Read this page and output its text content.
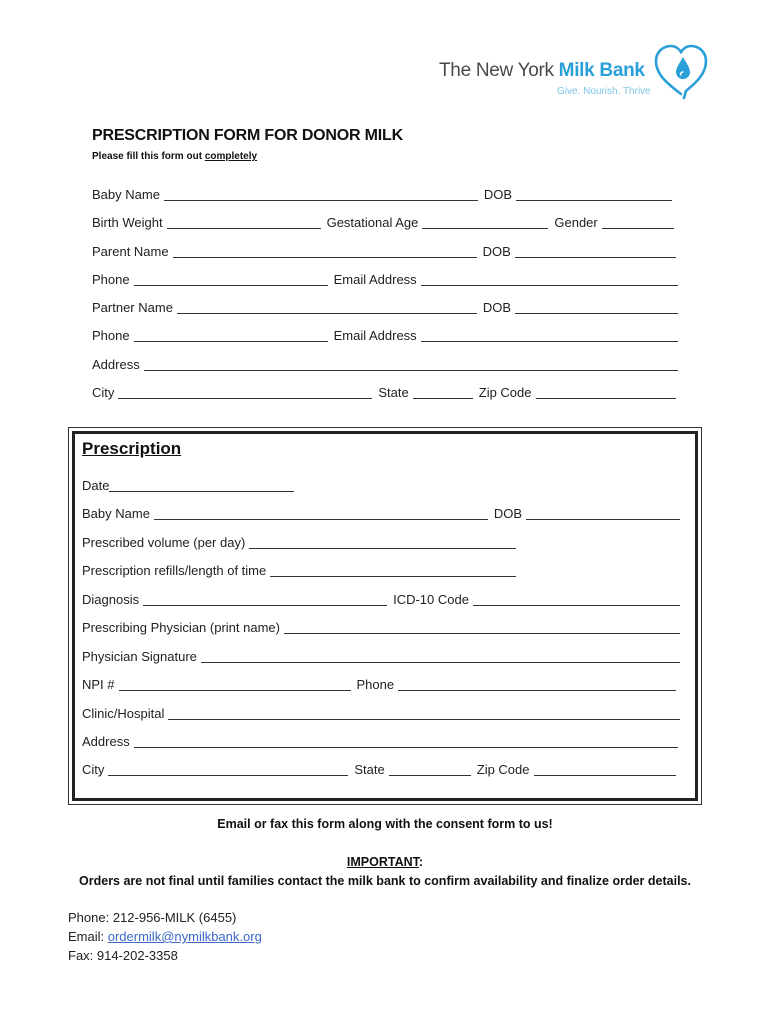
The New York Milk Bank
Give. Nourish. Thrive
PRESCRIPTION FORM FOR DONOR MILK
Please fill this form out completely
Baby Name	DOB
Birth Weight	Gestational Age	Gender
Parent Name	DOB
Phone	Email Address
Partner Name	DOB
Phone	Email Address
Address
City	State	Zip Code
Prescription
Date
Baby Name	DOB
Prescribed volume (per day)
Prescription refills/length of time
Diagnosis	ICD-10 Code
Prescribing Physician (print name)
Physician Signature
NPI #	Phone
Clinic/Hospital
Address
City	State	Zip Code
Email or fax this form along with the consent form to us!
IMPORTANT:
Orders are not final until families contact the milk bank to confirm availability and finalize order details.
Phone: 212-956-MILK (6455)
Email: ordermilk@nymilkbank.org
Fax: 914-202-3358
